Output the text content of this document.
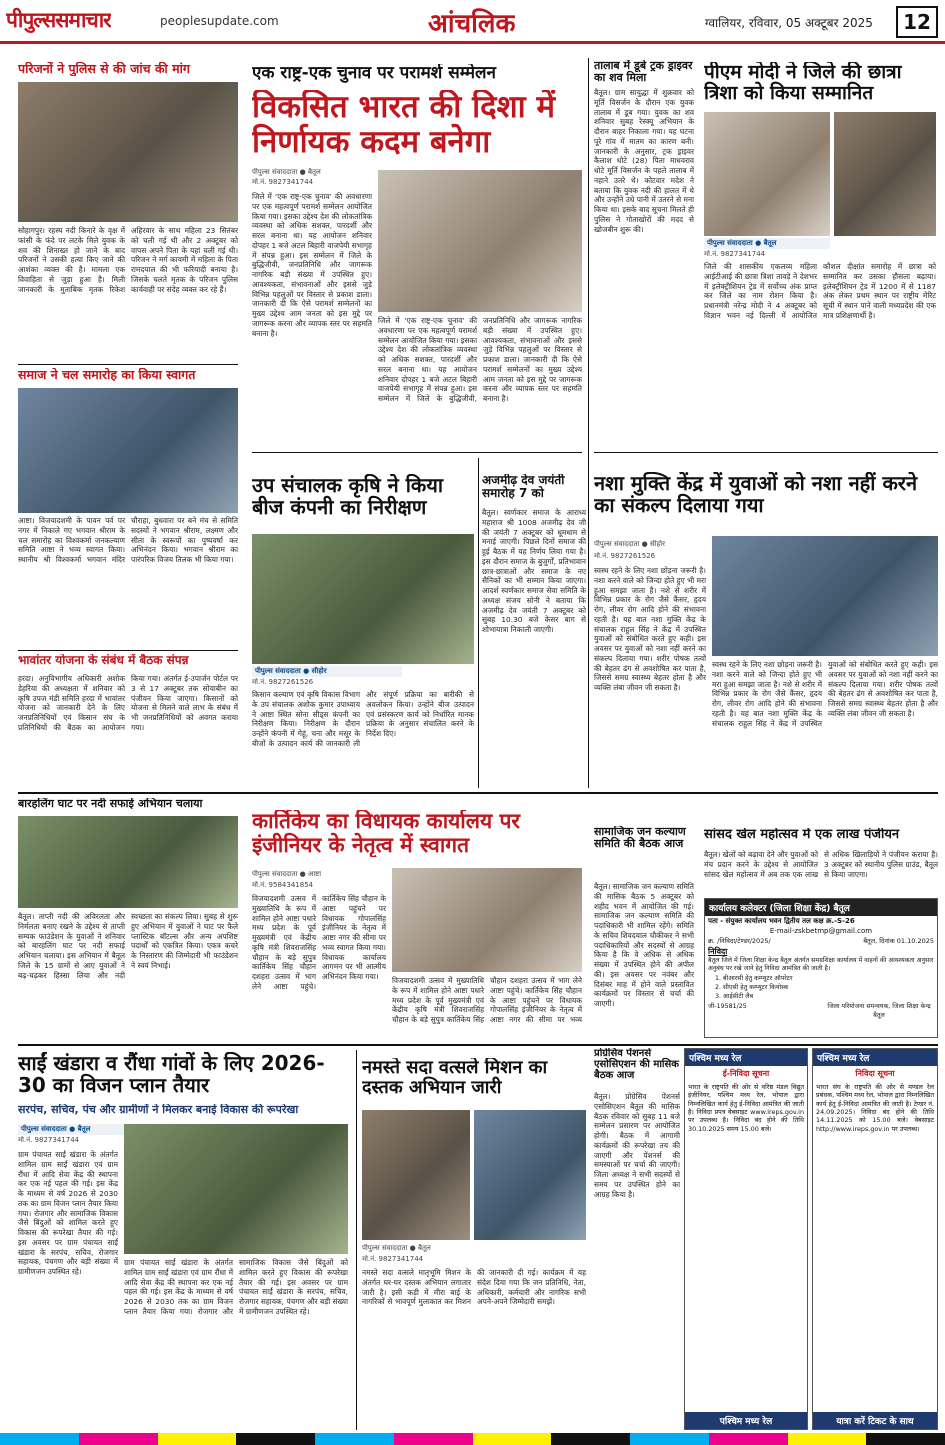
पीपुल्ससमाचार	peoplesupdate.com	आंचलिक	ग्वालियर, रविवार, 05 अक्टूबर 2025	12
परिजनों ने पुलिस से की जांच की मांग
सोहागपुर। रहस्य नदी किनारे के वृक्ष में फांसी के फंदे पर लटके मिले युवक के शव की शिनाख्त हो जाने के बाद परिजनों ने उसकी हत्या किए जाने की आशंका व्यक्त की है। मामला एक विवाहिता से जुड़ा हुआ है। मिली जानकारी के मुताबिक मृतक रिकेश अहिरवार के साथ महिला 23 सितंबर को चली गई थी और 2 अक्टूबर को वापस अपने पिता के यहां चली गई थी। परिजन ने मर्ग कायमी में महिला के पिता रामदयाल की भी फरियादी बनाया है। जिसके चलते मृतक के परिजन पुलिस कार्यवाही पर संदेह व्यक्त कर रहे हैं।
समाज ने चल समारोह का किया स्वागत
आष्टा। विजयादशमी के पावन पर्व पर नगर में निकाले गए भगवान श्रीराम के चल समारोह का विश्वकर्मा जनकल्याण समिति आष्टा ने भव्य स्वागत किया। स्थानीय श्री विश्वकर्मा भगवान मंदिर चौराहा, बुधवारा पर बने मंच से समिति सदस्यों ने भगवान श्रीराम, लक्ष्मण और सीता के स्वरूपों का पुष्पवर्षा कर अभिनंदन किया। भगवान श्रीराम का पारंपरिक विजय तिलक भी किया गया।
भावांतर योजना के संबंध में बैठक संपन्न
हरदा। अनुविभागीय अधिकारी अशोक डेहरिया की अध्यक्षता में शनिवार को कृषि उपज मंडी समिति हरदा में भावांतर योजना को जानकारी देने के लिए जनप्रतिनिधियों एवं किसान संघ के प्रतिनिधियों की बैठक का आयोजन किया गया। अंतर्गत ई-उपार्जन पोर्टल पर 3 से 17 अक्टूबर तक सोयाबीन का पंजीयन किया जाएगा। किसानों को योजना से मिलने वाले लाभ के संबंध में भी जनप्रतिनिधियों को अवगत कराया गया।
एक राष्ट्र-एक चुनाव पर परामर्श सम्मेलन
विकसित भारत की दिशा में निर्णायक कदम बनेगा
पीपुल्स संवाददाता ● बैतूल
मो.नं. 9827341744
जिले में ‘एक राष्ट्र-एक चुनाव’ की अवधारणा पर एक महत्वपूर्ण परामर्श सम्मेलन आयोजित किया गया। इसका उद्देश्य देश की लोकतांत्रिक व्यवस्था को अधिक सशक्त, पारदर्शी और सरल बनाना था। यह आयोजन शनिवार दोपहर 1 बजे अटल बिहारी वाजपेयी सभागृह में संपन्न हुआ। इस सम्मेलन में जिले के बुद्धिजीवी, जनप्रतिनिधि और जागरूक नागरिक बड़ी संख्या में उपस्थित हुए। आवश्यकता, संभावनाओं और इससे जुड़े विभिन्न पहलुओं पर विस्तार से प्रकाश डाला। जानकारी दी कि ऐसे परामर्श सम्मेलनों का मुख्य उद्देश्य आम जनता को इस मुद्दे पर जागरूक करना और व्यापक स्तर पर सहमति बनाना है।
जिले में ‘एक राष्ट्र-एक चुनाव’ की अवधारणा पर एक महत्वपूर्ण परामर्श सम्मेलन आयोजित किया गया। इसका उद्देश्य देश की लोकतांत्रिक व्यवस्था को अधिक सशक्त, पारदर्शी और सरल बनाना था। यह आयोजन शनिवार दोपहर 1 बजे अटल बिहारी वाजपेयी सभागृह में संपन्न हुआ। इस सम्मेलन में जिले के बुद्धिजीवी, जनप्रतिनिधि और जागरूक नागरिक बड़ी संख्या में उपस्थित हुए। आवश्यकता, संभावनाओं और इससे जुड़े विभिन्न पहलुओं पर विस्तार से प्रकाश डाला। जानकारी दी कि ऐसे परामर्श सम्मेलनों का मुख्य उद्देश्य आम जनता को इस मुद्दे पर जागरूक करना और व्यापक स्तर पर सहमति बनाना है।
उप संचालक कृषि ने किया बीज कंपनी का निरीक्षण
पीपुल्स संवाददाता ● सीहोर
मो.नं. 9827261526
किसान कल्याण एवं कृषि विकास विभाग के उप संचालक अशोक कुमार उपाध्याय ने आष्टा स्थित सोना सीड्स कंपनी का निरीक्षण किया। निरीक्षण के दौरान उन्होंने कंपनी में गेहूं, चना और मसूर के बीजों के उत्पादन कार्य की जानकारी ली और संपूर्ण प्रक्रिया का बारीकी से अवलोकन किया। उन्होंने बीज उत्पादन एवं प्रसंस्करण कार्य को निर्धारित मानक प्रक्रिया के अनुसार संचालित करने के निर्देश दिए।
अजमीढ़ देव जयंती समारोह 7 को
बैतूल। स्वर्णकार समाज के आराध्य महाराज श्री 1008 अजमीढ़ देव जी की जयंती 7 अक्टूबर को धूमधाम से मनाई जाएगी। पिछले दिनों समाज की हुई बैठक में यह निर्णय लिया गया है। इस दौरान समाज के बुजुर्गों, प्रतिभावान छात्र-छात्राओं और समाज के नए सैनिकों का भी सम्मान किया जाएगा। आदर्श स्वर्णकार समाज सेवा समिति के अध्यक्ष संजय सोनी ने बताया कि अजमीढ़ देव जयंती 7 अक्टूबर को सुबह 10.30 बजे केसर बाग से शोभायात्रा निकाली जाएगी।
तालाब में डूबे ट्रक ड्राइवर का शव मिला
बैतूल। ग्राम सायुद्धा में शुक्रवार को मूर्ति विसर्जन के दौरान एक युवक तालाब में डूब गया। युवक का शव शनिवार सुबह रेस्क्यू अभियान के दौरान बाहर निकाला गया। यह घटना पूरे गांव में मातम का कारण बनी। जानकारी के अनुसार, ट्रक ड्राइवर कैलाश धोटे (28) पिता माधवराव धोटे मूर्ति विसर्जन के पहले तालाब में नहाने उतरे थे। कोटवार मदेश ने बताया कि युवक नदी की हालत में थे और उन्होंने उधे पानी में उतरने से मना किया था। इसके बाद सूचना मिलते ही पुलिस ने गोताखोरों की मदद से खोजबीन शुरू की।
पीएम मोदी ने जिले की छात्रा त्रिशा को किया सम्मानित
पीपुल्स संवाददाता ● बैतूल
मो.नं. 9827341744
जिले की शासकीय एकलव्य महिला आईटीआई की छात्रा त्रिशा तावड़े ने देशभर में इलेक्ट्रीशियन ट्रेड में सर्वोच्च अंक प्राप्त कर जिले का नाम रोशन किया है। प्रधानमंत्री नरेन्द्र मोदी ने 4 अक्टूबर को विज्ञान भवन नई दिल्ली में आयोजित कौशल दीक्षांत समारोह में छात्रा को सम्मानित कर उसका हौसला बढ़ाया। इलेक्ट्रीशियन ट्रेड में 1200 में से 1187 अंक लेकर प्रथम स्थान पर राष्ट्रीय मेरिट सूची में स्थान पाने वाली मध्यप्रदेश की एक मात्र प्रशिक्षणार्थी है।
नशा मुक्ति केंद्र में युवाओं को नशा नहीं करने का संकल्प दिलाया गया
पीपुल्स संवाददाता ● सीहोर
मो.नं. 9827261526
स्वस्थ रहने के लिए नशा छोड़ना जरूरी है। नशा करने वाले को जिन्दा होते हुए भी मरा हुआ समझा जाता है। नशे से शरीर में विभिन्न प्रकार के रोग जैसे कैंसर, हृदय रोग, लीवर रोग आदि होने की संभावना रहती है। यह बात नशा मुक्ति केंद्र के संचालक राहुल सिंह ने केंद्र में उपस्थित युवाओं को संबोधित करते हुए कही। इस अवसर पर युवाओं को नशा नहीं करने का संकल्प दिलाया गया। शरीर पोषक तत्वों की बेहतर ढंग से अवशोषित कर पाता है, जिससे समग्र स्वास्थ्य बेहतर होता है और व्यक्ति लंबा जीवन जी सकता है।
स्वस्थ रहने के लिए नशा छोड़ना जरूरी है। नशा करने वाले को जिन्दा होते हुए भी मरा हुआ समझा जाता है। नशे से शरीर में विभिन्न प्रकार के रोग जैसे कैंसर, हृदय रोग, लीवर रोग आदि होने की संभावना रहती है। यह बात नशा मुक्ति केंद्र के संचालक राहुल सिंह ने केंद्र में उपस्थित युवाओं को संबोधित करते हुए कही। इस अवसर पर युवाओं को नशा नहीं करने का संकल्प दिलाया गया। शरीर पोषक तत्वों की बेहतर ढंग से अवशोषित कर पाता है, जिससे समग्र स्वास्थ्य बेहतर होता है और व्यक्ति लंबा जीवन जी सकता है।
बारहलिंग घाट पर नदी सफाई अभियान चलाया
बैतूल। ताप्ती नदी की अविरलता और निर्मलता बनाए रखने के उद्देश्य से ताप्ती सम्यक फाउंडेशन के युवाओं ने शनिवार को बारहलिंग घाट पर नदी सफाई अभियान चलाया। इस अभियान में बैतूल जिले के 15 ग्रामों से आए युवाओं ने बढ़-चढ़कर हिस्सा लिया और नदी स्वच्छता का संकल्प लिया। सुबह से शुरू हुए अभियान में युवाओं ने घाट पर फैले प्लास्टिक बॉटल्स और अन्य अपशिष्ट पदार्थों को एकत्रित किया। एकत्र कचरे के निस्तारण की जिम्मेदारी भी फाउंडेशन ने स्वयं निभाई।
कार्तिकेय का विधायक कार्यालय पर इंजीनियर के नेतृत्व में स्वागत
पीपुल्स संवाददाता ● आष्टा
मो.नं. 9584341854
विजयादशमी उत्सव में मुख्यातिथि के रूप में शामिल होने आष्टा पधारे मध्य प्रदेश के पूर्व मुख्यमंत्री एवं केंद्रीय कृषि मंत्री शिवराजसिंह चौहान के बड़े सुपुत्र कार्तिकेय सिंह चौहान दशहरा उत्सव में भाग लेने आष्टा पहुंचे। कार्तिकेय सिंह चौहान के आष्टा पहुंचने पर विधायक गोपालसिंह इंजीनियर के नेतृत्व में आष्टा नगर की सीमा पर भव्य स्वागत किया गया। विधायक कार्यालय आगमन पर भी आत्मीय अभिनंदन किया गया।	विजयादशमी उत्सव में मुख्यातिथि के रूप में शामिल होने आष्टा पधारे मध्य प्रदेश के पूर्व मुख्यमंत्री एवं केंद्रीय कृषि मंत्री शिवराजसिंह चौहान के बड़े सुपुत्र कार्तिकेय सिंह चौहान दशहरा उत्सव में भाग लेने आष्टा पहुंचे। कार्तिकेय सिंह चौहान के आष्टा पहुंचने पर विधायक गोपालसिंह इंजीनियर के नेतृत्व में आष्टा नगर की सीमा पर भव्य
सामाजिक जन कल्याण समिति की बैठक आज
बैतूल। सामाजिक जन कल्याण समिति की मासिक बैठक 5 अक्टूबर को शहीद भवन में आयोजित की गई। सामाजिक जन कल्याण समिति की पदाधिकारी भी शामिल रहेंगे। समिति के सचिव शिवदयाल चौकीकर ने सभी पदाधिकारियों और सदस्यों से आग्रह किया है कि वे अधिक से अधिक संख्या में उपस्थित होने की अपील की। इस अवसर पर नवंबर और दिसंबर माह में होने वाले प्रस्तावित कार्यक्रमों पर विस्तार से चर्चा की जाएगी।
सांसद खेल महोत्सव में एक लाख पंजीयन
बैतूल। खेलों को बढ़ावा देने और युवाओं को मंच प्रदान करने के उद्देश्य से आयोजित सांसद खेल महोत्सव में अब तक एक लाख से अधिक खिलाड़ियों ने पंजीयन कराया है। 3 अक्टूबर को स्थानीय पुलिस ग्राउंड, बैतूल से किया जाएगा।
कार्यालय कलेक्टर (जिला शिक्षा केंद्र) बैतूल
पता - संयुक्त कार्यालय भवन द्वितीय तल कक्ष क्र.-S-26
E-mail-zskbetmp@gmail.com
क्र. /निविदा/टेण्डर/2025/	बैतूल, दिनांक 01.10.2025
निविदा
बैतूल जिले में जिला शिक्षा केन्द्र बैतूल अंतर्गत समग्रशिक्षा कार्यालय में वाहनों की आवश्यकता अनुसार अनुबंध पर रखे जाने हेतु निविदा आमंत्रित की जाती है।
1. बीआरसी हेतु कम्प्यूटर ऑपरेटर
2. सीएसी हेतु कम्प्यूटर कियोस्क
3. आईसीटी लैब
जी-19581/25	जिला परियोजना समन्वयक, जिला शिक्षा केन्द्र बैतूल
साईं खंडारा व रौंधा गांवों के लिए 2026-30 का विजन प्लान तैयार
सरपंच, सचिव, पंच और ग्रामीणों ने मिलकर बनाई विकास की रूपरेखा
पीपुल्स संवाददाता ● बैतूल
मो.नं. 9827341744
ग्राम पंचायत साईं खंडारा के अंतर्गत शामिल ग्राम साईं खंडारा एवं ग्राम रौंधा में आदि सेवा केंद्र की स्थापना कर एक नई पहल की गई। इस केंद्र के माध्यम से वर्ष 2026 से 2030 तक का ग्राम विजन प्लान तैयार किया गया। रोजगार और सामाजिक विकास जैसे बिंदुओं को शामिल करते हुए विकास की रूपरेखा तैयार की गई। इस अवसर पर ग्राम पंचायत साईं खंडारा के सरपंच, सचिव, रोजगार सहायक, पंचगण और बड़ी संख्या में ग्रामीणजन उपस्थित रहे।
ग्राम पंचायत साईं खंडारा के अंतर्गत शामिल ग्राम साईं खंडारा एवं ग्राम रौंधा में आदि सेवा केंद्र की स्थापना कर एक नई पहल की गई। इस केंद्र के माध्यम से वर्ष 2026 से 2030 तक का ग्राम विजन प्लान तैयार किया गया। रोजगार और सामाजिक विकास जैसे बिंदुओं को शामिल करते हुए विकास की रूपरेखा तैयार की गई। इस अवसर पर ग्राम पंचायत साईं खंडारा के सरपंच, सचिव, रोजगार सहायक, पंचगण और बड़ी संख्या में ग्रामीणजन उपस्थित रहे।
नमस्ते सदा वत्सले मिशन का दस्तक अभियान जारी
पीपुल्स संवाददाता ● बैतूल
मो.नं. 9827341744
नमस्ते सदा वत्सले मातृभूमि मिशन के अंतर्गत घर-घर दस्तक अभियान लगातार जारी है। इसी कड़ी में मीरा बाई के नागरिकों से भावपूर्ण मुलाकात कर मिशन की जानकारी दी गई। कार्यक्रम में यह संदेश दिया गया कि जन प्रतिनिधि, नेता, अधिकारी, कर्मचारी और नागरिक सभी अपने-अपने जिम्मेदारी समझें।
प्रोग्रेसिव पेंशनर्स एसोसिएशन की मासिक बैठक आज
बैतूल। प्रोग्रेसिव पेंशनर्स एसोसिएशन बैतूल की मासिक बैठक रविवार को सुबह 11 बजे सम्मेलन प्रसारण पर आयोजित होगी। बैठक में आगामी कार्यक्रमों की रूपरेखा तय की जाएगी और पेंशनर्स की समस्याओं पर चर्चा की जाएगी। जिला अध्यक्ष ने सभी सदस्यों से समय पर उपस्थित होने का आग्रह किया है।
पश्चिम मध्य रेल
ई-निविदा सूचना
भारत के राष्ट्रपति की ओर से वरिष्ठ मंडल विद्युत इंजीनियर, पश्चिम मध्य रेल, भोपाल द्वारा निम्नलिखित कार्य हेतु ई-निविदा आमंत्रित की जाती है। निविदा प्रपत्र वेबसाइट www.ireps.gov.in पर उपलब्ध है। निविदा बंद होने की तिथि 30.10.2025 समय 15.00 बजे।
पश्चिम मध्य रेल
पश्चिम मध्य रेल
निविदा सूचना
भारत संघ के राष्ट्रपति की ओर से मण्डल रेल प्रबंधक, पश्चिम मध्य रेल, भोपाल द्वारा निम्नलिखित कार्य हेतु ई-निविदा आमंत्रित की जाती है। टेण्डर नं. 24.09.2025। निविदा बंद होने की तिथि 14.11.2025 को 15.00 बजे। वेबसाइट http://www.ireps.gov.in पर उपलब्ध।
यात्रा करें टिकट के साथ
